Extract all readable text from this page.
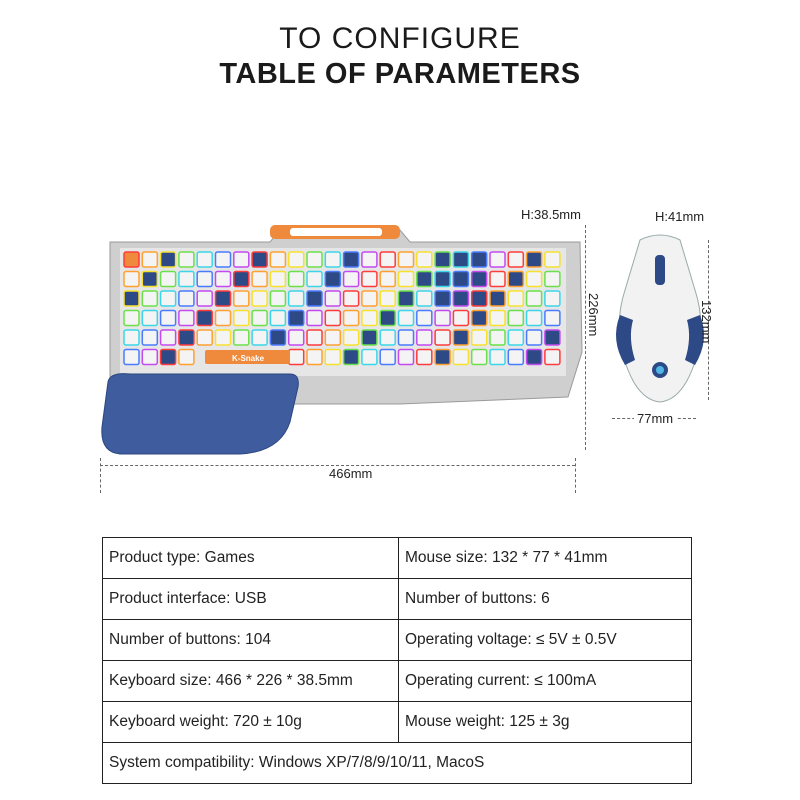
TO CONFIGURE
TABLE OF PARAMETERS
K-Snake
466mm
226mm
H:38.5mm	H:41mm
132mm
77mm
Product type: Games	Mouse size: 132 * 77 * 41mm
Product interface: USB	Number of buttons: 6
Number of buttons: 104	Operating voltage: ≤ 5V ± 0.5V
Keyboard size: 466 * 226 * 38.5mm	Operating current: ≤ 100mA
Keyboard weight: 720 ± 10g	Mouse weight: 125 ± 3g
System compatibility: Windows XP/7/8/9/10/11, MacoS	
